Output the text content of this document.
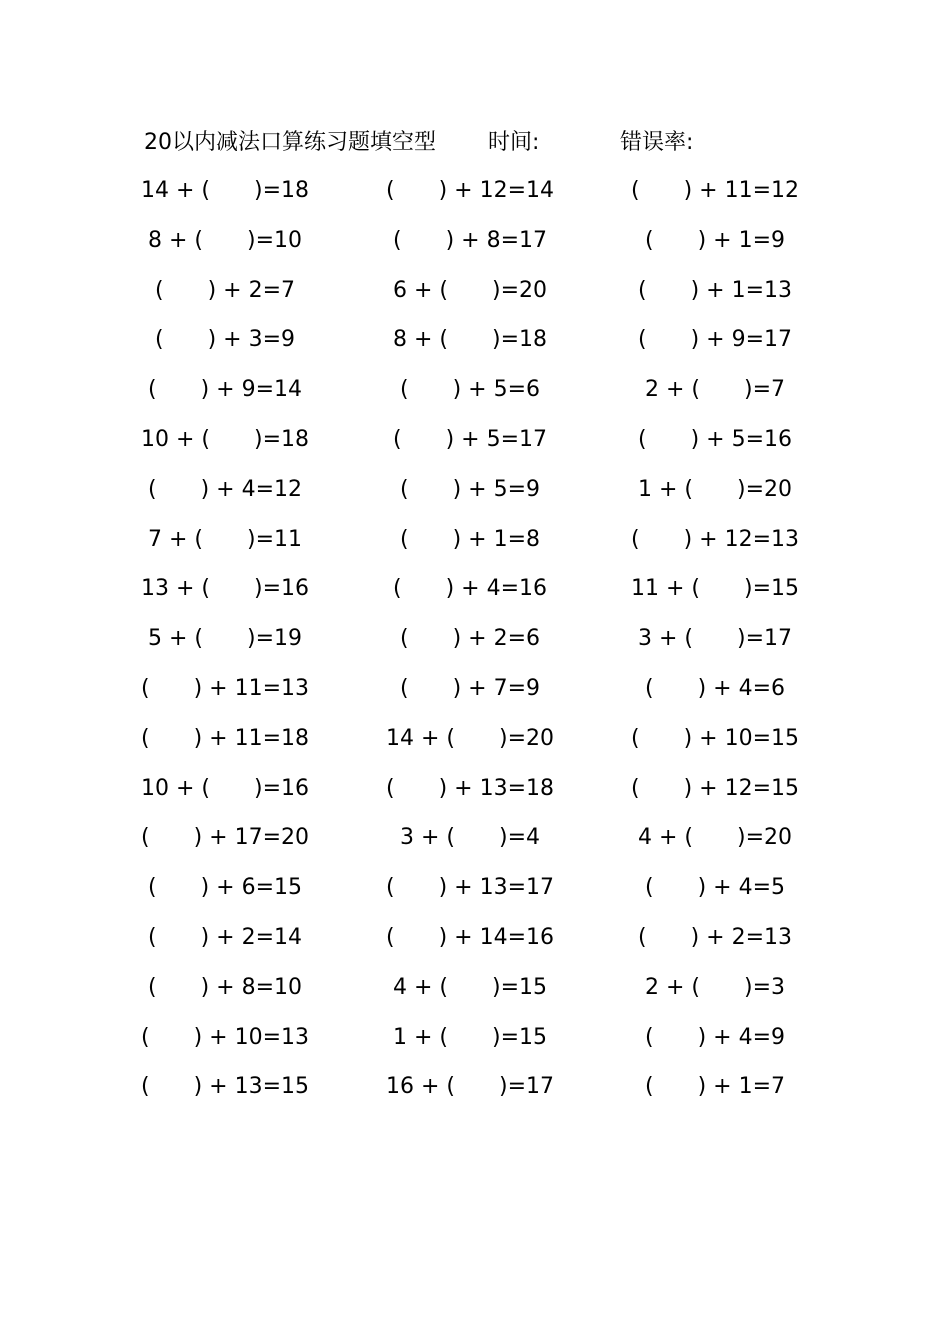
20以内减法口算练习题填空型 时间:	错误率:
14 + (　　)=18	(　　) + 12=14	(　　) + 11=12
8 + (　　)=10	(　　) + 8=17	(　　) + 1=9
(　　) + 2=7	6 + (　　)=20	(　　) + 1=13
(　　) + 3=9	8 + (　　)=18	(　　) + 9=17
(　　) + 9=14	(　　) + 5=6	2 + (　　)=7
10 + (　　)=18	(　　) + 5=17	(　　) + 5=16
(　　) + 4=12	(　　) + 5=9	1 + (　　)=20
7 + (　　)=11	(　　) + 1=8	(　　) + 12=13
13 + (　　)=16	(　　) + 4=16	11 + (　　)=15
5 + (　　)=19	(　　) + 2=6	3 + (　　)=17
(　　) + 11=13	(　　) + 7=9	(　　) + 4=6
(　　) + 11=18	14 + (　　)=20	(　　) + 10=15
10 + (　　)=16	(　　) + 13=18	(　　) + 12=15
(　　) + 17=20	3 + (　　)=4	4 + (　　)=20
(　　) + 6=15	(　　) + 13=17	(　　) + 4=5
(　　) + 2=14	(　　) + 14=16	(　　) + 2=13
(　　) + 8=10	4 + (　　)=15	2 + (　　)=3
(　　) + 10=13	1 + (　　)=15	(　　) + 4=9
(　　) + 13=15	16 + (　　)=17	(　　) + 1=7
